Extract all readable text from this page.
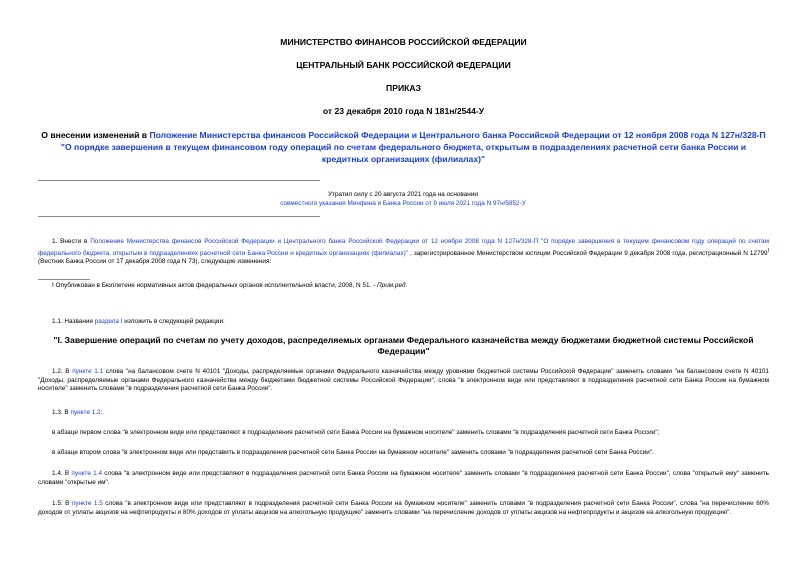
МИНИСТЕРСТВО ФИНАНСОВ РОССИЙСКОЙ ФЕДЕРАЦИИ
ЦЕНТРАЛЬНЫЙ БАНК РОССИЙСКОЙ ФЕДЕРАЦИИ
ПРИКАЗ
от 23 декабря 2010 года N 181н/2544-У
О внесении изменений в Положение Министерства финансов Российской Федерации и Центрального банка Российской Федерации от 12 ноября 2008 года N 127н/328-П "О порядке завершения в текущем финансовом году операций по счетам федерального бюджета, открытым в подразделениях расчетной сети банка России и кредитных организациях (филиалах)"
Утратил силу с 20 августа 2021 года на основании
совместного указания Минфина и Банка России от 9 июля 2021 года N 97н/5852-У
1. Внести в Положение Министерства финансов Российской Федерации и Центрального банка Российской Федерации от 12 ноября 2008 года N 127н/328-П "О порядке завершения в текущем финансовом году операций по счетам федерального бюджета, открытым в подразделениях расчетной сети Банка России и кредитных организациях (филиалах)" , зарегистрированное Министерством юстиции Российской Федерации 9 декабря 2008 года, регистрационный N $12799^I$ (Вестник Банка России от 17 декабря 2008 года N 73), следующие изменения:
I Опубликован в Бюллетене нормативных актов федеральных органов исполнительной власти, 2008, N 51. - Прим.ред.
1.1. Название раздела I изложить в следующей редакции:
"I. Завершение операций по счетам по учету доходов, распределяемых органами Федерального казначейства между бюджетами бюджетной системы Российской Федерации"
1.2. В пункте 1.1 слова "на балансовом счете N 40101 "Доходы, распределяемые органами Федерального казначейства между уровнями бюджетной системы Российской Федерации" заменить словами "на балансовом счете N 40101 "Доходы, распределяемые органами Федерального казначейства между бюджетами бюджетной системы Российской Федерации", слова "в электронном виде или представляют в подразделения расчетной сети Банка России на бумажном носителе" заменить словами "в подразделения расчетной сети Банка России".
1.3. В пункте 1.2:
в абзаце первом слова "в электронном виде или представляют в подразделения расчетной сети Банка России на бумажном носителе" заменить словами "в подразделения расчетной сети Банка России";
в абзаце втором слова "в электронном виде или представить в подразделения расчетной сети Банка России на бумажном носителе" заменить словами "в подразделения расчетной сети Банка России".
1.4. В пункте 1.4 слова "в электронном виде или представляют в подразделения расчетной сети Банка России на бумажном носителе" заменить словами "в подразделения расчетной сети Банка России", слова "открытый ему" заменить словами "открытые им".
1.5. В пункте 1.5 слова "в электронном виде или представляют в подразделения расчетной сети Банка России на бумажном носителе" заменить словами "в подразделения расчетной сети Банка России", слова "на перечисление 60% доходов от уплаты акцизов на нефтепродукты и 80% доходов от уплаты акцизов на алкогольную продукцию" заменить словами "на перечисление доходов от уплаты акцизов на нефтепродукты и акцизов на алкогольную продукцию".
